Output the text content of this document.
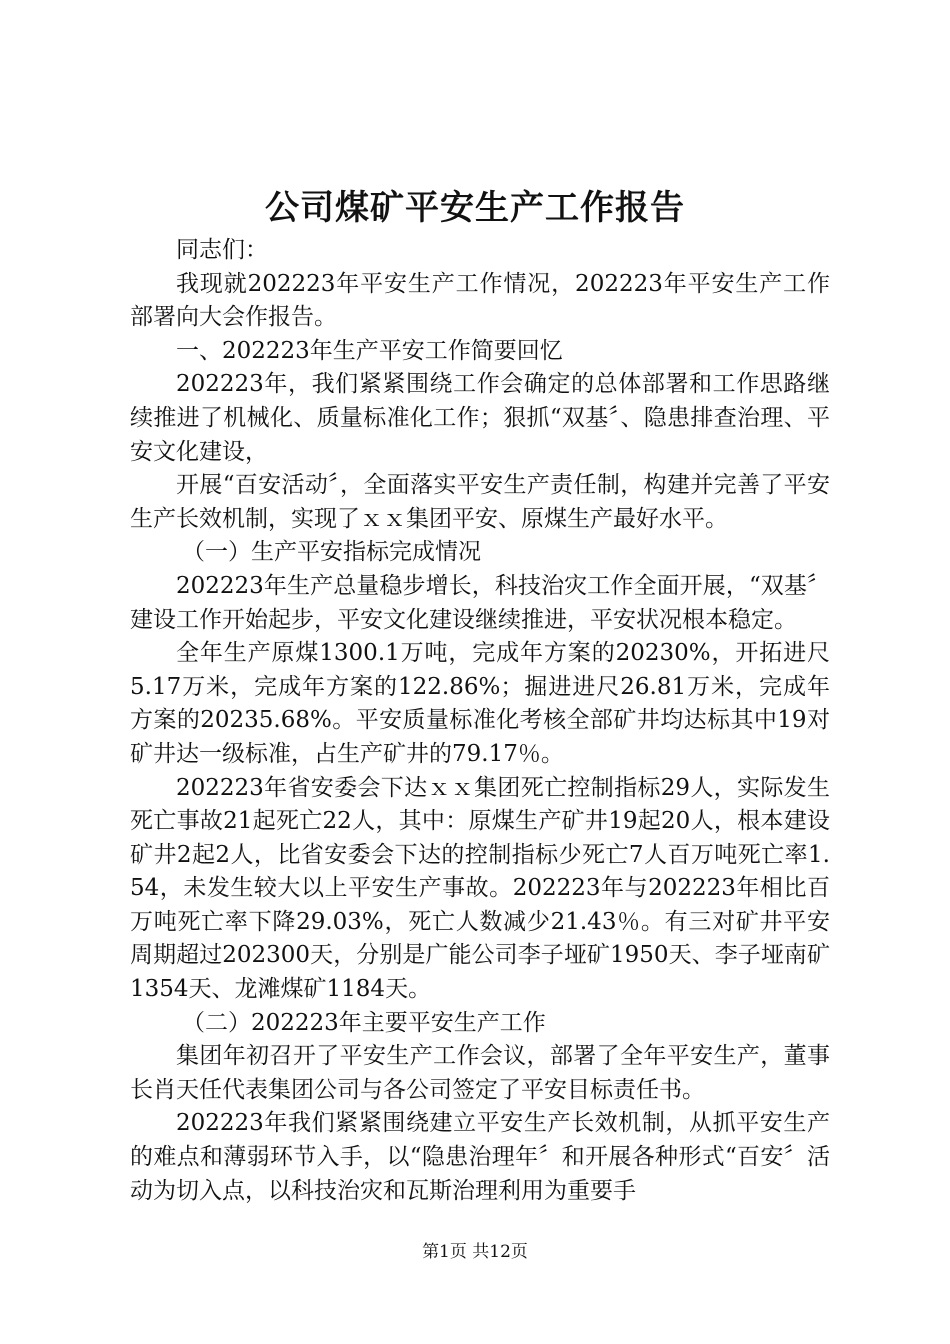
公司煤矿平安生产工作报告

同志们：

我现就202223年平安生产工作情况，202223年平安生产工作部署向大会作报告。

一、202223年生产平安工作简要回忆

202223年，我们紧紧围绕工作会确定的总体部署和工作思路继续推进了机械化、质量标准化工作；狠抓“双基〞、隐患排查治理、平安文化建设，

开展“百安活动〞，全面落实平安生产责任制，构建并完善了平安生产长效机制，实现了ｘｘ集团平安、原煤生产最好水平。

（一）生产平安指标完成情况

202223年生产总量稳步增长，科技治灾工作全面开展，“双基〞建设工作开始起步，平安文化建设继续推进，平安状况根本稳定。

全年生产原煤1300.1万吨，完成年方案的20230%，开拓进尺5.17万米，完成年方案的122.86%；掘进进尺26.81万米，完成年方案的20235.68%。平安质量标准化考核全部矿井均达标其中19对矿井达一级标准，占生产矿井的79.17％。

202223年省安委会下达ｘｘ集团死亡控制指标29人，实际发生死亡事故21起死亡22人，其中：原煤生产矿井19起20人，根本建设矿井2起2人，比省安委会下达的控制指标少死亡7人百万吨死亡率1.54，未发生较大以上平安生产事故。202223年与202223年相比百万吨死亡率下降29.03%，死亡人数减少21.43％。有三对矿井平安周期超过202300天，分别是广能公司李子垭矿1950天、李子垭南矿1354天、龙滩煤矿1184天。

（二）202223年主要平安生产工作

集团年初召开了平安生产工作会议，部署了全年平安生产，董事长肖天任代表集团公司与各公司签定了平安目标责任书。

202223年我们紧紧围绕建立平安生产长效机制，从抓平安生产的难点和薄弱环节入手，以“隐患治理年〞和开展各种形式“百安〞活动为切入点，以科技治灾和瓦斯治理利用为重要手

第1页 共12页
